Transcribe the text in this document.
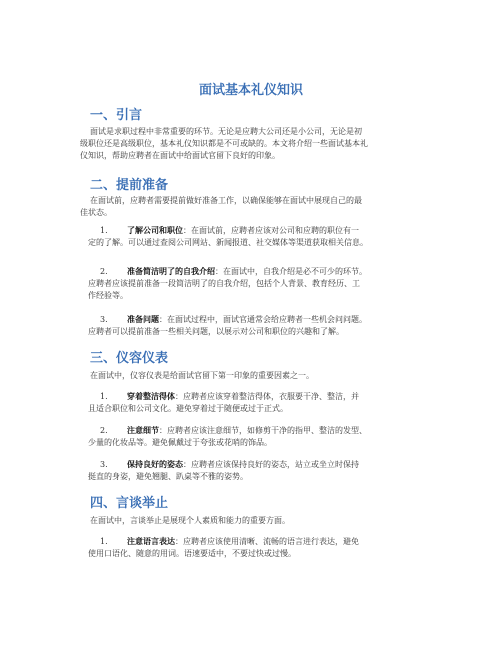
面试基本礼仪知识
一、引言
面试是求职过程中非常重要的环节。无论是应聘大公司还是小公司，无论是初
级职位还是高级职位，基本礼仪知识都是不可或缺的。本文将介绍一些面试基本礼
仪知识，帮助应聘者在面试中给面试官留下良好的印象。
二、提前准备
在面试前，应聘者需要提前做好准备工作，以确保能够在面试中展现自己的最
佳状态。
1. 了解公司和职位：在面试前，应聘者应该对公司和应聘的职位有一
定的了解。可以通过查阅公司网站、新闻报道、社交媒体等渠道获取相关信息。
2. 准备简洁明了的自我介绍：在面试中，自我介绍是必不可少的环节。
应聘者应该提前准备一段简洁明了的自我介绍，包括个人背景、教育经历、工
作经验等。
3. 准备问题：在面试过程中，面试官通常会给应聘者一些机会问问题。
应聘者可以提前准备一些相关问题，以展示对公司和职位的兴趣和了解。
三、仪容仪表
在面试中，仪容仪表是给面试官留下第一印象的重要因素之一。
1. 穿着整洁得体：应聘者应该穿着整洁得体，衣服要干净、整洁，并
且适合职位和公司文化。避免穿着过于随便或过于正式。
2. 注意细节：应聘者应该注意细节，如修剪干净的指甲、整洁的发型、
少量的化妆品等。避免佩戴过于夸张或花哨的饰品。
3. 保持良好的姿态：应聘者应该保持良好的姿态，站立或坐立时保持
挺直的身姿，避免翘腿、趴桌等不雅的姿势。
四、言谈举止
在面试中，言谈举止是展现个人素质和能力的重要方面。
1. 注意语言表达：应聘者应该使用清晰、流畅的语言进行表达，避免
使用口语化、随意的用词。语速要适中，不要过快或过慢。
